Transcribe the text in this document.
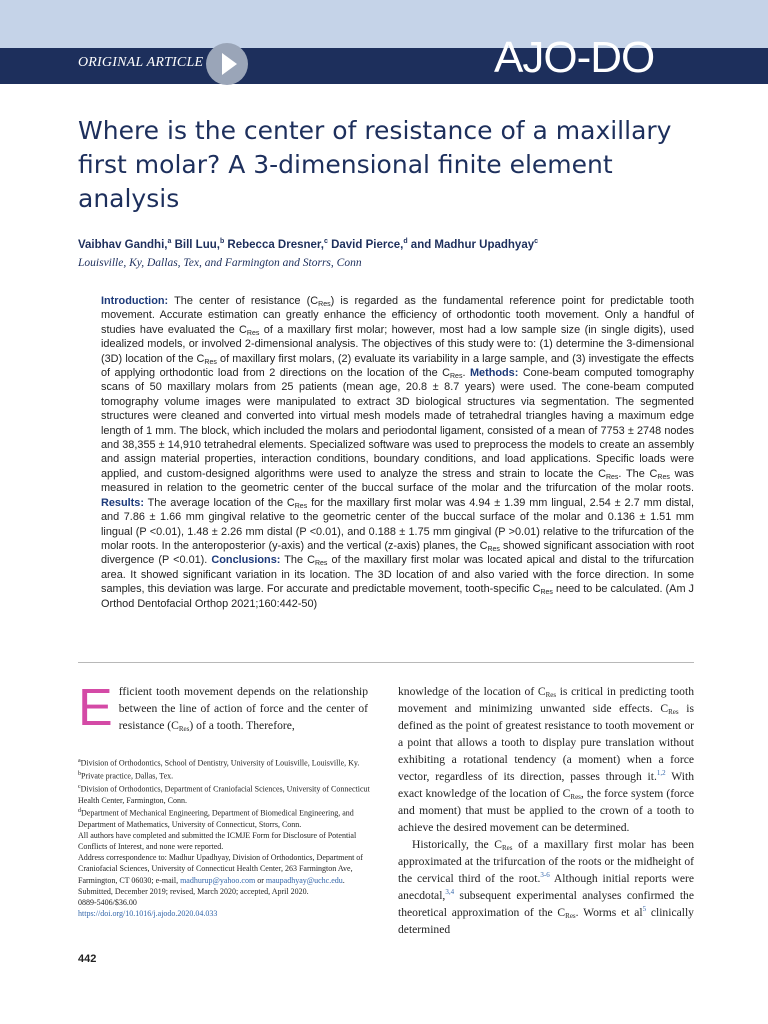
ORIGINAL ARTICLE	AJO-DO
Where is the center of resistance of a maxillary first molar? A 3-dimensional finite element analysis
Vaibhav Gandhi,$^a$ Bill Luu,$^b$ Rebecca Dresner,$^c$ David Pierce,$^d$ and Madhur Upadhyay$^c$
Louisville, Ky, Dallas, Tex, and Farmington and Storrs, Conn
Introduction: The center of resistance $(C_{Res})$ is regarded as the fundamental reference point for predictable tooth movement. Accurate estimation can greatly enhance the efficiency of orthodontic tooth movement. Only a handful of studies have evaluated the $C_{Res}$ of a maxillary first molar; however, most had a low sample size (in single digits), used idealized models, or involved 2-dimensional analysis. The objectives of this study were to: (1) determine the 3-dimensional (3D) location of the $C_{Res}$ of maxillary first molars, (2) evaluate its variability in a large sample, and (3) investigate the effects of applying orthodontic load from 2 directions on the location of the $C_{Res}$. Methods: Cone-beam computed tomography scans of 50 maxillary molars from 25 patients (mean age, 20.8 ± 8.7 years) were used. The cone-beam computed tomography volume images were manipulated to extract 3D biological structures via segmentation. The segmented structures were cleaned and converted into virtual mesh models made of tetrahedral triangles having a maximum edge length of 1 mm. The block, which included the molars and periodontal ligament, consisted of a mean of 7753 ± 2748 nodes and 38,355 ± 14,910 tetrahedral elements. Specialized software was used to preprocess the models to create an assembly and assign material properties, interaction conditions, boundary conditions, and load applications. Specific loads were applied, and custom-designed algorithms were used to analyze the stress and strain to locate the $C_{Res}$. The $C_{Res}$ was measured in relation to the geometric center of the buccal surface of the molar and the trifurcation of the molar roots. Results: The average location of the $C_{Res}$ for the maxillary first molar was 4.94 ± 1.39 mm lingual, 2.54 ± 2.7 mm distal, and 7.86 ± 1.66 mm gingival relative to the geometric center of the buccal surface of the molar and 0.136 ± 1.51 mm lingual (P <0.01), 1.48 ± 2.26 mm distal (P <0.01), and 0.188 ± 1.75 mm gingival (P >0.01) relative to the trifurcation of the molar roots. In the anteroposterior (y-axis) and the vertical (z-axis) planes, the $C_{Res}$ showed significant association with root divergence (P <0.01). Conclusions: The $C_{Res}$ of the maxillary first molar was located apical and distal to the trifurcation area. It showed significant variation in its location. The 3D location of and also varied with the force direction. In some samples, this deviation was large. For accurate and predictable movement, tooth-specific $C_{Res}$ need to be calculated. (Am J Orthod Dentofacial Orthop 2021;160:442-50)
Efficient tooth movement depends on the relationship between the line of action of force and the center of resistance $(C_{Res})$ of a tooth. Therefore,

$^a$Division of Orthodontics, School of Dentistry, University of Louisville, Louisville, Ky.

$^b$Private practice, Dallas, Tex.

$^c$Division of Orthodontics, Department of Craniofacial Sciences, University of Connecticut Health Center, Farmington, Conn.

$^d$Department of Mechanical Engineering, Department of Biomedical Engineering, and Department of Mathematics, University of Connecticut, Storrs, Conn.

All authors have completed and submitted the ICMJE Form for Disclosure of Potential Conflicts of Interest, and none were reported.

Address correspondence to: Madhur Upadhyay, Division of Orthodontics, Department of Craniofacial Sciences, University of Connecticut Health Center, 263 Farmington Ave, Farmington, CT 06030; e-mail, madhurup@yahoo.com or maupadhyay@uchc.edu.

Submitted, December 2019; revised, March 2020; accepted, April 2020.

0889-5406/$36.00

https://doi.org/10.1016/j.ajodo.2020.04.033

knowledge of the location of $C_{Res}$ is critical in predicting tooth movement and minimizing unwanted side effects. $C_{Res}$ is defined as the point of greatest resistance to tooth movement or a point that allows a tooth to display pure translation without exhibiting a rotational tendency (a moment) when a force vector, regardless of its direction, passes through it.$^{1,2}$ With exact knowledge of the location of $C_{Res}$, the force system (force and moment) that must be applied to the crown of a tooth to achieve the desired movement can be determined.

Historically, the $C_{Res}$ of a maxillary first molar has been approximated at the trifurcation of the roots or the midheight of the cervical third of the root.$^{3-6}$ Although initial reports were anecdotal,$^{3,4}$ subsequent experimental analyses confirmed the theoretical approximation of the $C_{Res}$. Worms et al$^5$ clinically determined

442
